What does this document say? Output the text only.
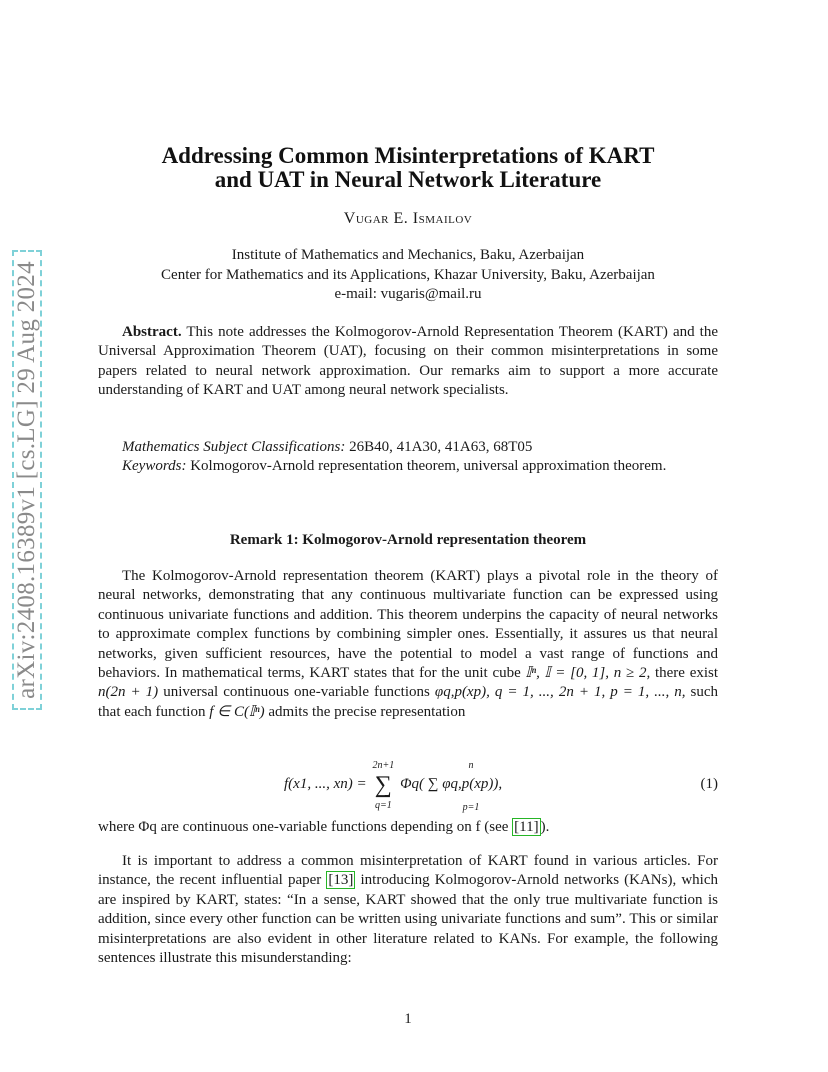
arXiv:2408.16389v1 [cs.LG] 29 Aug 2024
Addressing Common Misinterpretations of KART
and UAT in Neural Network Literature
Vugar E. Ismailov
Institute of Mathematics and Mechanics, Baku, Azerbaijan
Center for Mathematics and its Applications, Khazar University, Baku, Azerbaijan
e-mail: vugaris@mail.ru
Abstract. This note addresses the Kolmogorov-Arnold Representation Theorem (KART) and the Universal Approximation Theorem (UAT), focusing on their common misinterpretations in some papers related to neural network approximation. Our remarks aim to support a more accurate understanding of KART and UAT among neural network specialists.
Mathematics Subject Classifications: 26B40, 41A30, 41A63, 68T05
Keywords: Kolmogorov-Arnold representation theorem, universal approximation theorem.
Remark 1: Kolmogorov-Arnold representation theorem
The Kolmogorov-Arnold representation theorem (KART) plays a pivotal role in the theory of neural networks, demonstrating that any continuous multivariate function can be expressed using continuous univariate functions and addition. This theorem underpins the capacity of neural networks to approximate complex functions by combining simpler ones. Essentially, it assures us that neural networks, given sufficient resources, have the potential to model a vast range of functions and behaviors. In mathematical terms, KART states that for the unit cube 𝕀ⁿ, 𝕀 = [0, 1], n ≥ 2, there exist n(2n + 1) universal continuous one-variable functions φq,p(xp), q = 1, ..., 2n + 1, p = 1, ..., n, such that each function f ∈ C(𝕀ⁿ) admits the precise representation
f(x1, ..., xn) = ∑
2n+1
q=1
Φq( ∑ φq,p(xp)),
n
p=1
(1)
where Φq are continuous one-variable functions depending on f (see [11] ).
It is important to address a common misinterpretation of KART found in various articles. For instance, the recent influential paper [13] introducing Kolmogorov-Arnold networks (KANs), which are inspired by KART, states: “In a sense, KART showed that the only true multivariate function is addition, since every other function can be written using univariate functions and sum”. This or similar misinterpretations are also evident in other literature related to KANs. For example, the following sentences illustrate this misunderstanding:
1
